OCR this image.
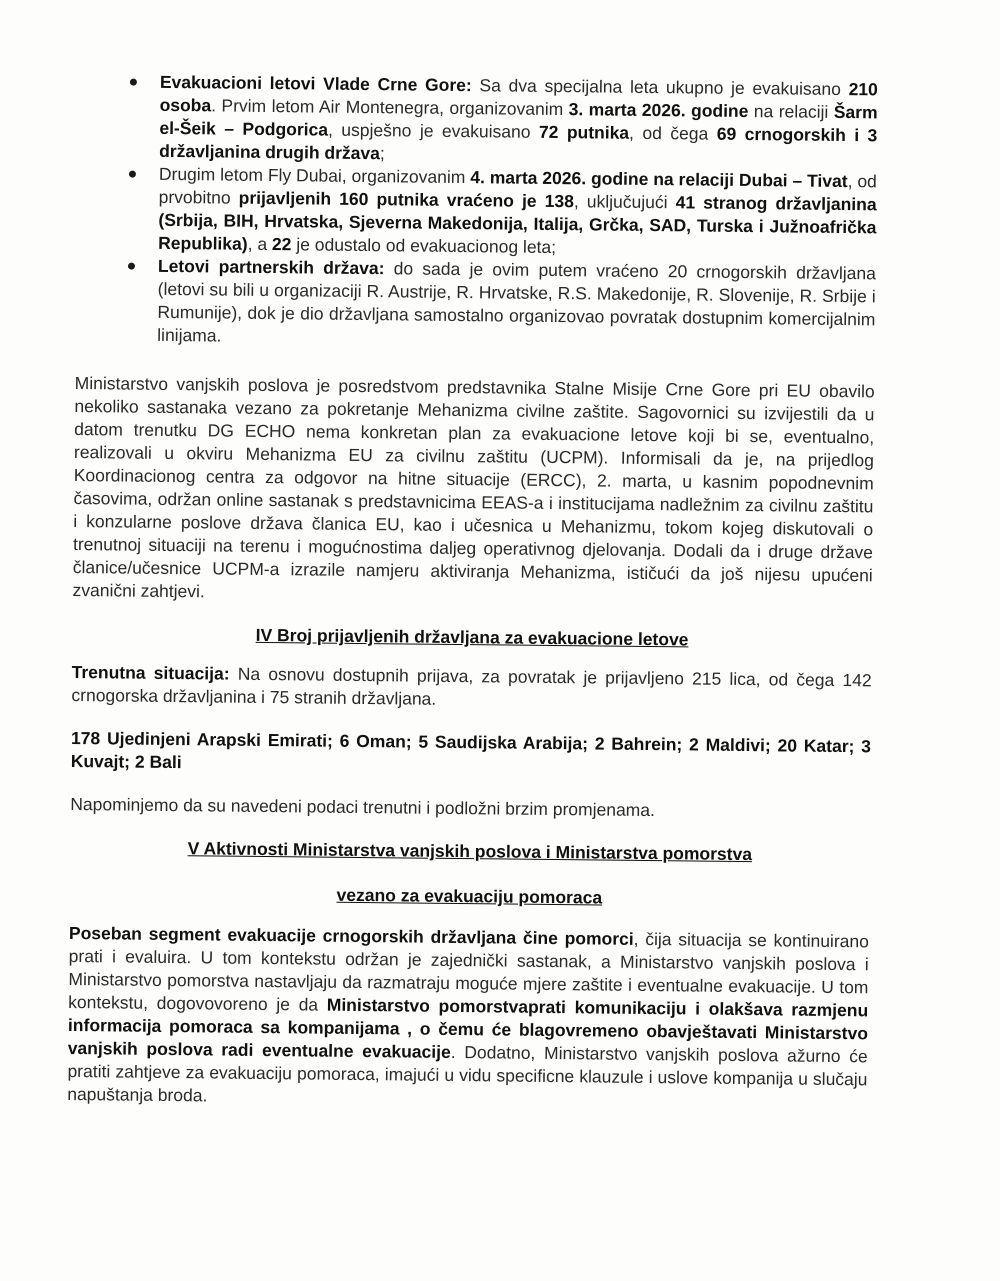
Evakuacioni letovi Vlade Crne Gore: Sa dva specijalna leta ukupno je evakuisano 210 osoba. Prvim letom Air Montenegra, organizovanim 3. marta 2026. godine na relaciji Šarm el-Šeik – Podgorica, uspješno je evakuisano 72 putnika, od čega 69 crnogorskih i 3 državljanina drugih država;
Drugim letom Fly Dubai, organizovanim 4. marta 2026. godine na relaciji Dubai – Tivat, od prvobitno prijavljenih 160 putnika vraćeno je 138, uključujući 41 stranog državljanina (Srbija, BIH, Hrvatska, Sjeverna Makedonija, Italija, Grčka, SAD, Turska i Južnoafrička Republika), a 22 je odustalo od evakuacionog leta;
Letovi partnerskih država: do sada je ovim putem vraćeno 20 crnogorskih državljana (letovi su bili u organizaciji R. Austrije, R. Hrvatske, R.S. Makedonije, R. Slovenije, R. Srbije i Rumunije), dok je dio državljana samostalno organizovao povratak dostupnim komercijalnim linijama.

Ministarstvo vanjskih poslova je posredstvom predstavnika Stalne Misije Crne Gore pri EU obavilo nekoliko sastanaka vezano za pokretanje Mehanizma civilne zaštite. Sagovornici su izvijestili da u datom trenutku DG ECHO nema konkretan plan za evakuacione letove koji bi se, eventualno, realizovali u okviru Mehanizma EU za civilnu zaštitu (UCPM). Informisali da je, na prijedlog Koordinacionog centra za odgovor na hitne situacije (ERCC), 2. marta, u kasnim popodnevnim časovima, održan online sastanak s predstavnicima EEAS-a i institucijama nadležnim za civilnu zaštitu i konzularne poslove država članica EU, kao i učesnica u Mehanizmu, tokom kojeg diskutovali o trenutnoj situaciji na terenu i mogućnostima daljeg operativnog djelovanja. Dodali da i druge države članice/učesnice UCPM-a izrazile namjeru aktiviranja Mehanizma, ističući da još nijesu upućeni zvanični zahtjevi.

IV Broj prijavljenih državljana za evakuacione letove

Trenutna situacija: Na osnovu dostupnih prijava, za povratak je prijavljeno 215 lica, od čega 142 crnogorska državljanina i 75 stranih državljana.

178 Ujedinjeni Arapski Emirati; 6 Oman; 5 Saudijska Arabija; 2 Bahrein; 2 Maldivi; 20 Katar; 3 Kuvajt; 2 Bali

Napominjemo da su navedeni podaci trenutni i podložni brzim promjenama.

V Aktivnosti Ministarstva vanjskih poslova i Ministarstva pomorstva
vezano za evakuaciju pomoraca

Poseban segment evakuacije crnogorskih državljana čine pomorci, čija situacija se kontinuirano prati i evaluira. U tom kontekstu održan je zajednički sastanak, a Ministarstvo vanjskih poslova i Ministarstvo pomorstva nastavljaju da razmatraju moguće mjere zaštite i eventualne evakuacije. U tom kontekstu, dogovovoreno je da Ministarstvo pomorstvaprati komunikaciju i olakšava razmjenu informacija pomoraca sa kompanijama , o čemu će blagovremeno obavještavati Ministarstvo vanjskih poslova radi eventualne evakuacije. Dodatno, Ministarstvo vanjskih poslova ažurno će pratiti zahtjeve za evakuaciju pomoraca, imajući u vidu specificne klauzule i uslove kompanija u slučaju napuštanja broda.
